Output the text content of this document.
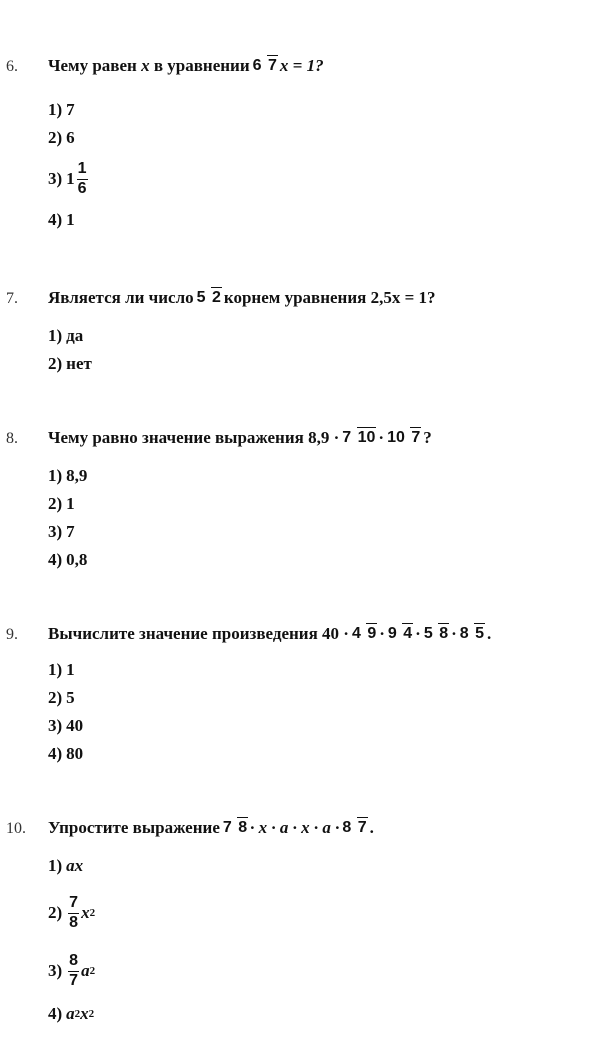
6. Чему равен
x
в уравнении 6 7 x = 1?
1) 7
2) 6
3) $1 \frac{1}{6}$
4) 1
7. Является ли число 5 2 корнем уравнения 2,5x = 1?
1) да
2) нет
8. Чему равно значение выражения 8,9 · 7 10 · 10 7 ?
1) 8,9
2) 1
3) 7
4) 0,8
9. Вычислите значение произведения 40 · 4 9 · 9 4 · 5 8 · 8 5 .
1) 1
2) 5
3) 40
4) 80
10. Упростите выражение 7 8 · x · a · x · a · 8 7 .
1) ax
$2) \frac{7}{8}$ x 2
$3) \frac{8}{7}$ a 2
4) a 2 x 2
